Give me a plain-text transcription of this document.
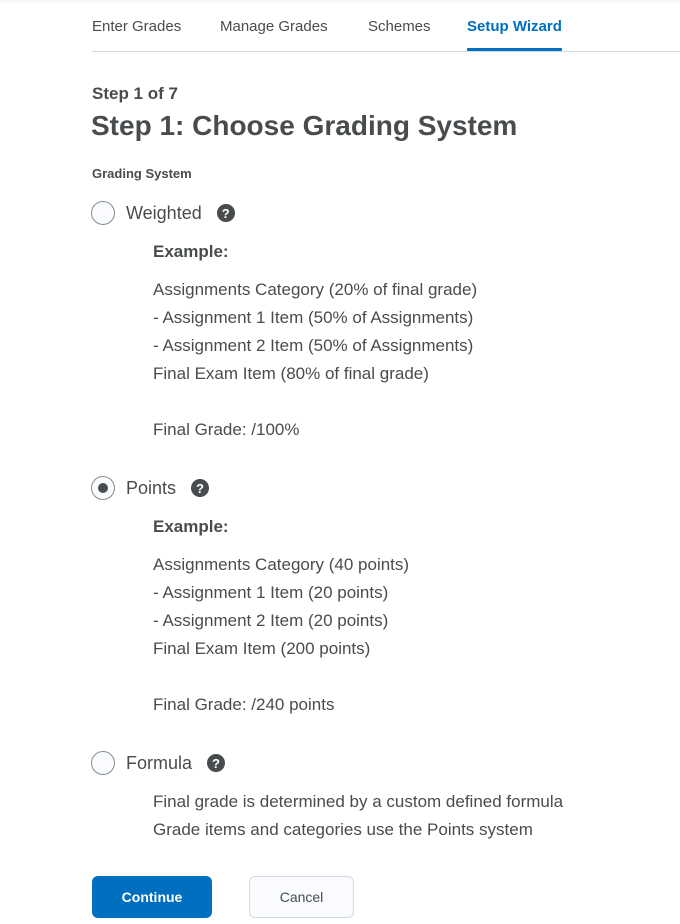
Enter Grades	Manage Grades	Schemes Setup Wizard
Step 1 of 7
Step 1: Choose Grading System
Grading System
Weighted	?
Example:
Assignments Category (20% of final grade)
- Assignment 1 Item (50% of Assignments)
- Assignment 2 Item (50% of Assignments)
Final Exam Item (80% of final grade)
Final Grade: /100%
Points	?
Example:
Assignments Category (40 points)
- Assignment 1 Item (20 points)
- Assignment 2 Item (20 points)
Final Exam Item (200 points)
Final Grade: /240 points
Formula	?
Final grade is determined by a custom defined formula
Grade items and categories use the Points system
Continue	Cancel
